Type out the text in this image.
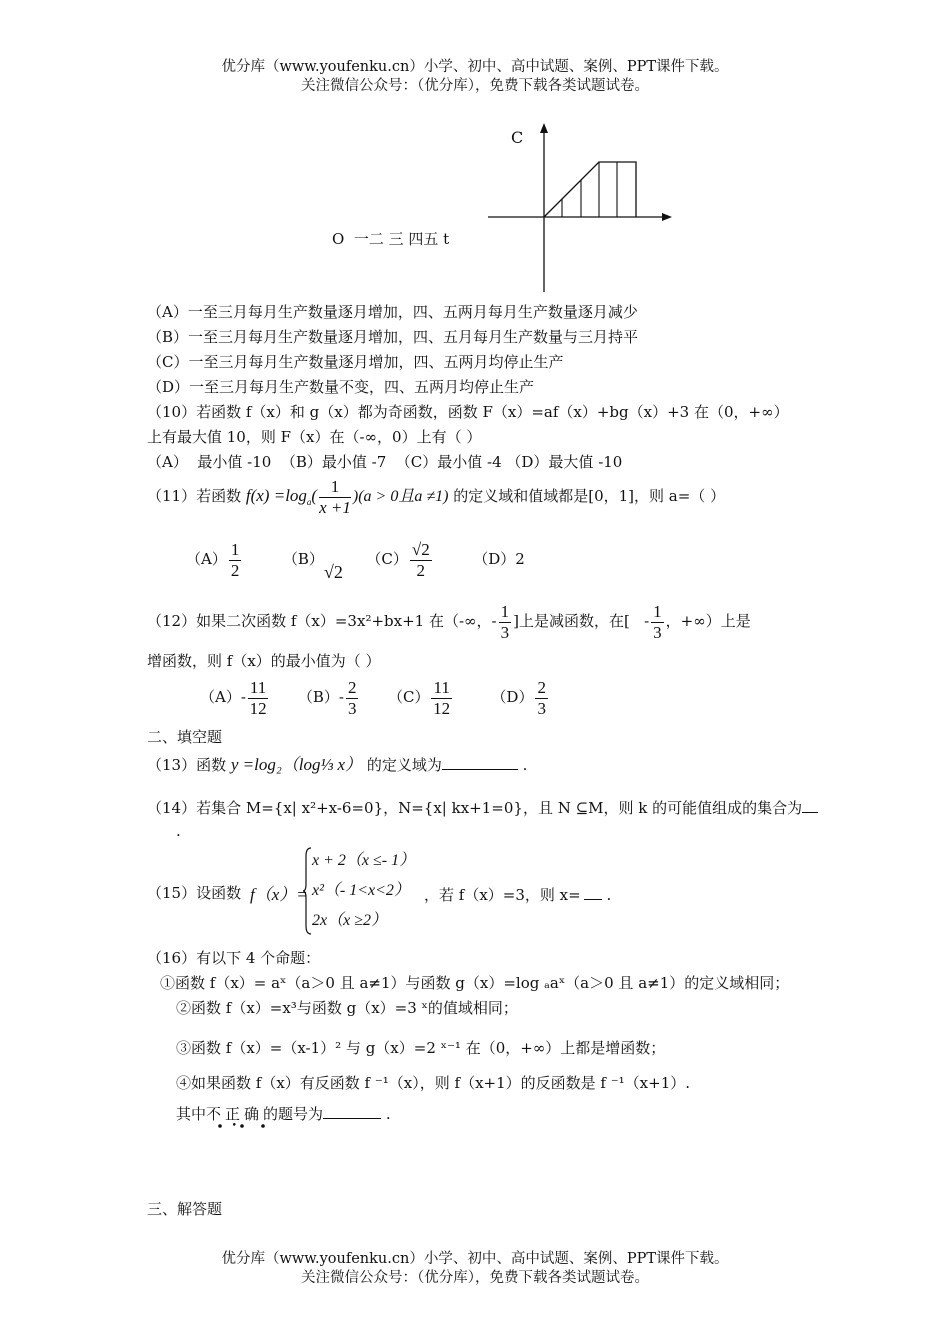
优分库（www.youfenku.cn）小学、初中、高中试题、案例、PPT课件下载。
关注微信公众号：（优分库），免费下载各类试题试卷。
C
O  一二 三 四五 t
（A）一至三月每月生产数量逐月增加，四、五两月每月生产数量逐月减少
（B）一至三月每月生产数量逐月增加，四、五月每月生产数量与三月持平
（C）一至三月每月生产数量逐月增加，四、五两月均停止生产
（D）一至三月每月生产数量不变，四、五两月均停止生产
（10）若函数 f（x）和 g（x）都为奇函数，函数 F（x）=af（x）+bg（x）+3 在（0，+∞）
上有最大值 10，则 F（x）在（-∞，0）上有（ ）
（A）  最小值 -10  （B）最小值 -7  （C）最小值 -4 （D）最大值 -10
（11）若函数 $f(x) =\log_a( \frac{1}{x +1} )(a > 0$且a ≠1) 的定义域和值域都是[0，1]，则 a=（ ）
$(A) \frac{1}{2}$	（B）√2  $(C) \frac{√2}{2}$	（D）2
（12）如果二次函数 f（x）=3x²+bx+1 在（-∞，- $\frac{1}{3}$ ]上是减函数，在[   - $\frac{1}{3}$ ，+∞）上是
增函数，则 f（x）的最小值为（ ）
$(A)- \frac{11}{12} (B)- \frac{2}{3} (C) \frac{11}{12}$	$(D) \frac{2}{3}$
二、填空题
（13）函数 y =log₂（log⅓ x） 的定义域为	.
（14）若集合 M={x| x²+x-6=0}，N={x| kx+1=0}，且 N ⊆M，则 k 的可能值组成的集合为
.
（15）设函数 f（x）=
x + 2（x ≤- 1）
x²（- 1<x<2）
2x（x ≥2）
，若 f（x）=3，则 x= .
（16）有以下 4 个命题：
①函数 f（x）= aˣ（a＞0 且 a≠1）与函数 g（x）=log ₐaˣ（a＞0 且 a≠1）的定义域相同；
②函数 f（x）=x³与函数 g（x）=3 ˣ的值域相同；
③函数 f（x）=（x-1）² 与 g（x）=2 ˣ⁻¹ 在（0，+∞）上都是增函数；
④如果函数 f（x）有反函数 f ⁻¹（x），则 f（x+1）的反函数是 f ⁻¹（x+1）.
其中不正确的题号为	.
三、解答题
优分库（www.youfenku.cn）小学、初中、高中试题、案例、PPT课件下载。
关注微信公众号：（优分库），免费下载各类试题试卷。
